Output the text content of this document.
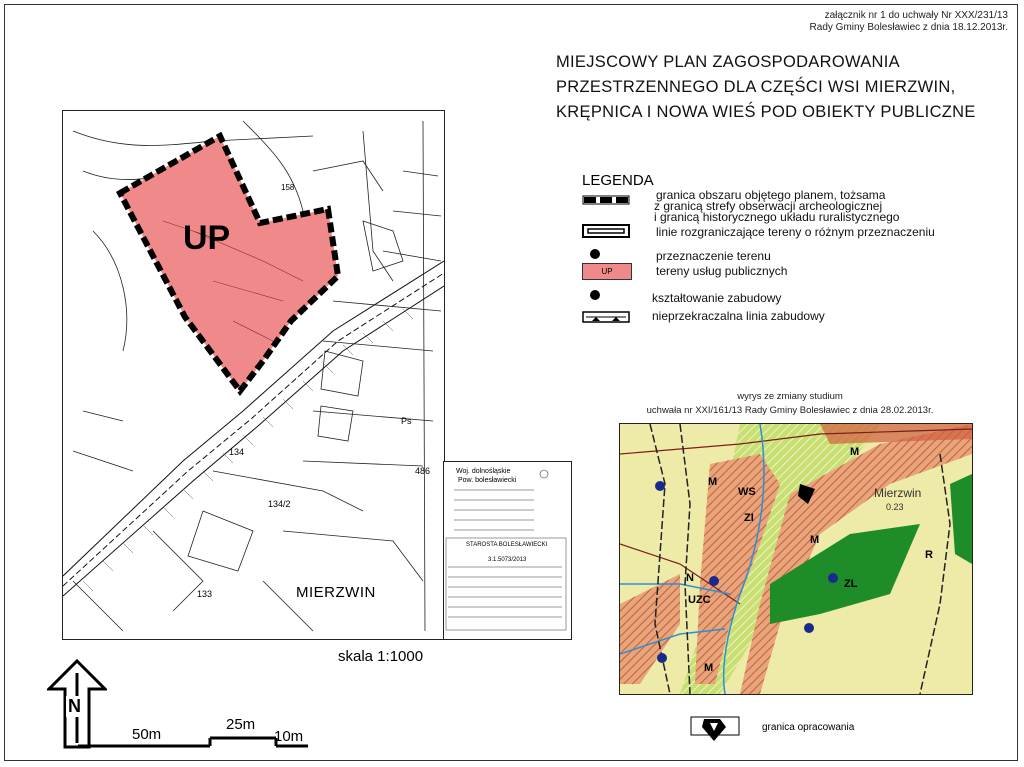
załącznik nr 1 do uchwały Nr XXX/231/13
Rady Gminy Bolesławiec z dnia 18.12.2013r.
MIEJSCOWY PLAN ZAGOSPODAROWANIA
PRZESTRZENNEGO DLA CZĘŚCI WSI MIERZWIN,
KRĘPNICA I NOWA WIEŚ POD OBIEKTY PUBLICZNE
LEGENDA
granica obszaru objętego planem, tożsama
z granicą strefy obserwacji archeologicznej
i granicą historycznego układu ruralistycznego
linie rozgraniczające tereny o różnym przeznaczeniu
przeznaczenie terenu
UP	tereny usług publicznych
kształtowanie zabudowy
nieprzekraczalna linia zabudowy
UP
134
134/2
133
486
158
Ps
MIERZWIN
Woj. dolnośląskie
Pow. bolesławiecki
STAROSTA BOLESŁAWIECKI
3.1.5073/2013
skala 1:1000
wyrys ze zmiany studium
uchwała nr XXI/161/13 Rady Gminy Bolesławiec z dnia 28.02.2013r.
WS
ZI
N
UZC
ZL
R
Mierzwin
0.23
M
M
M
M
granica opracowania
N
50m
25m
10m
